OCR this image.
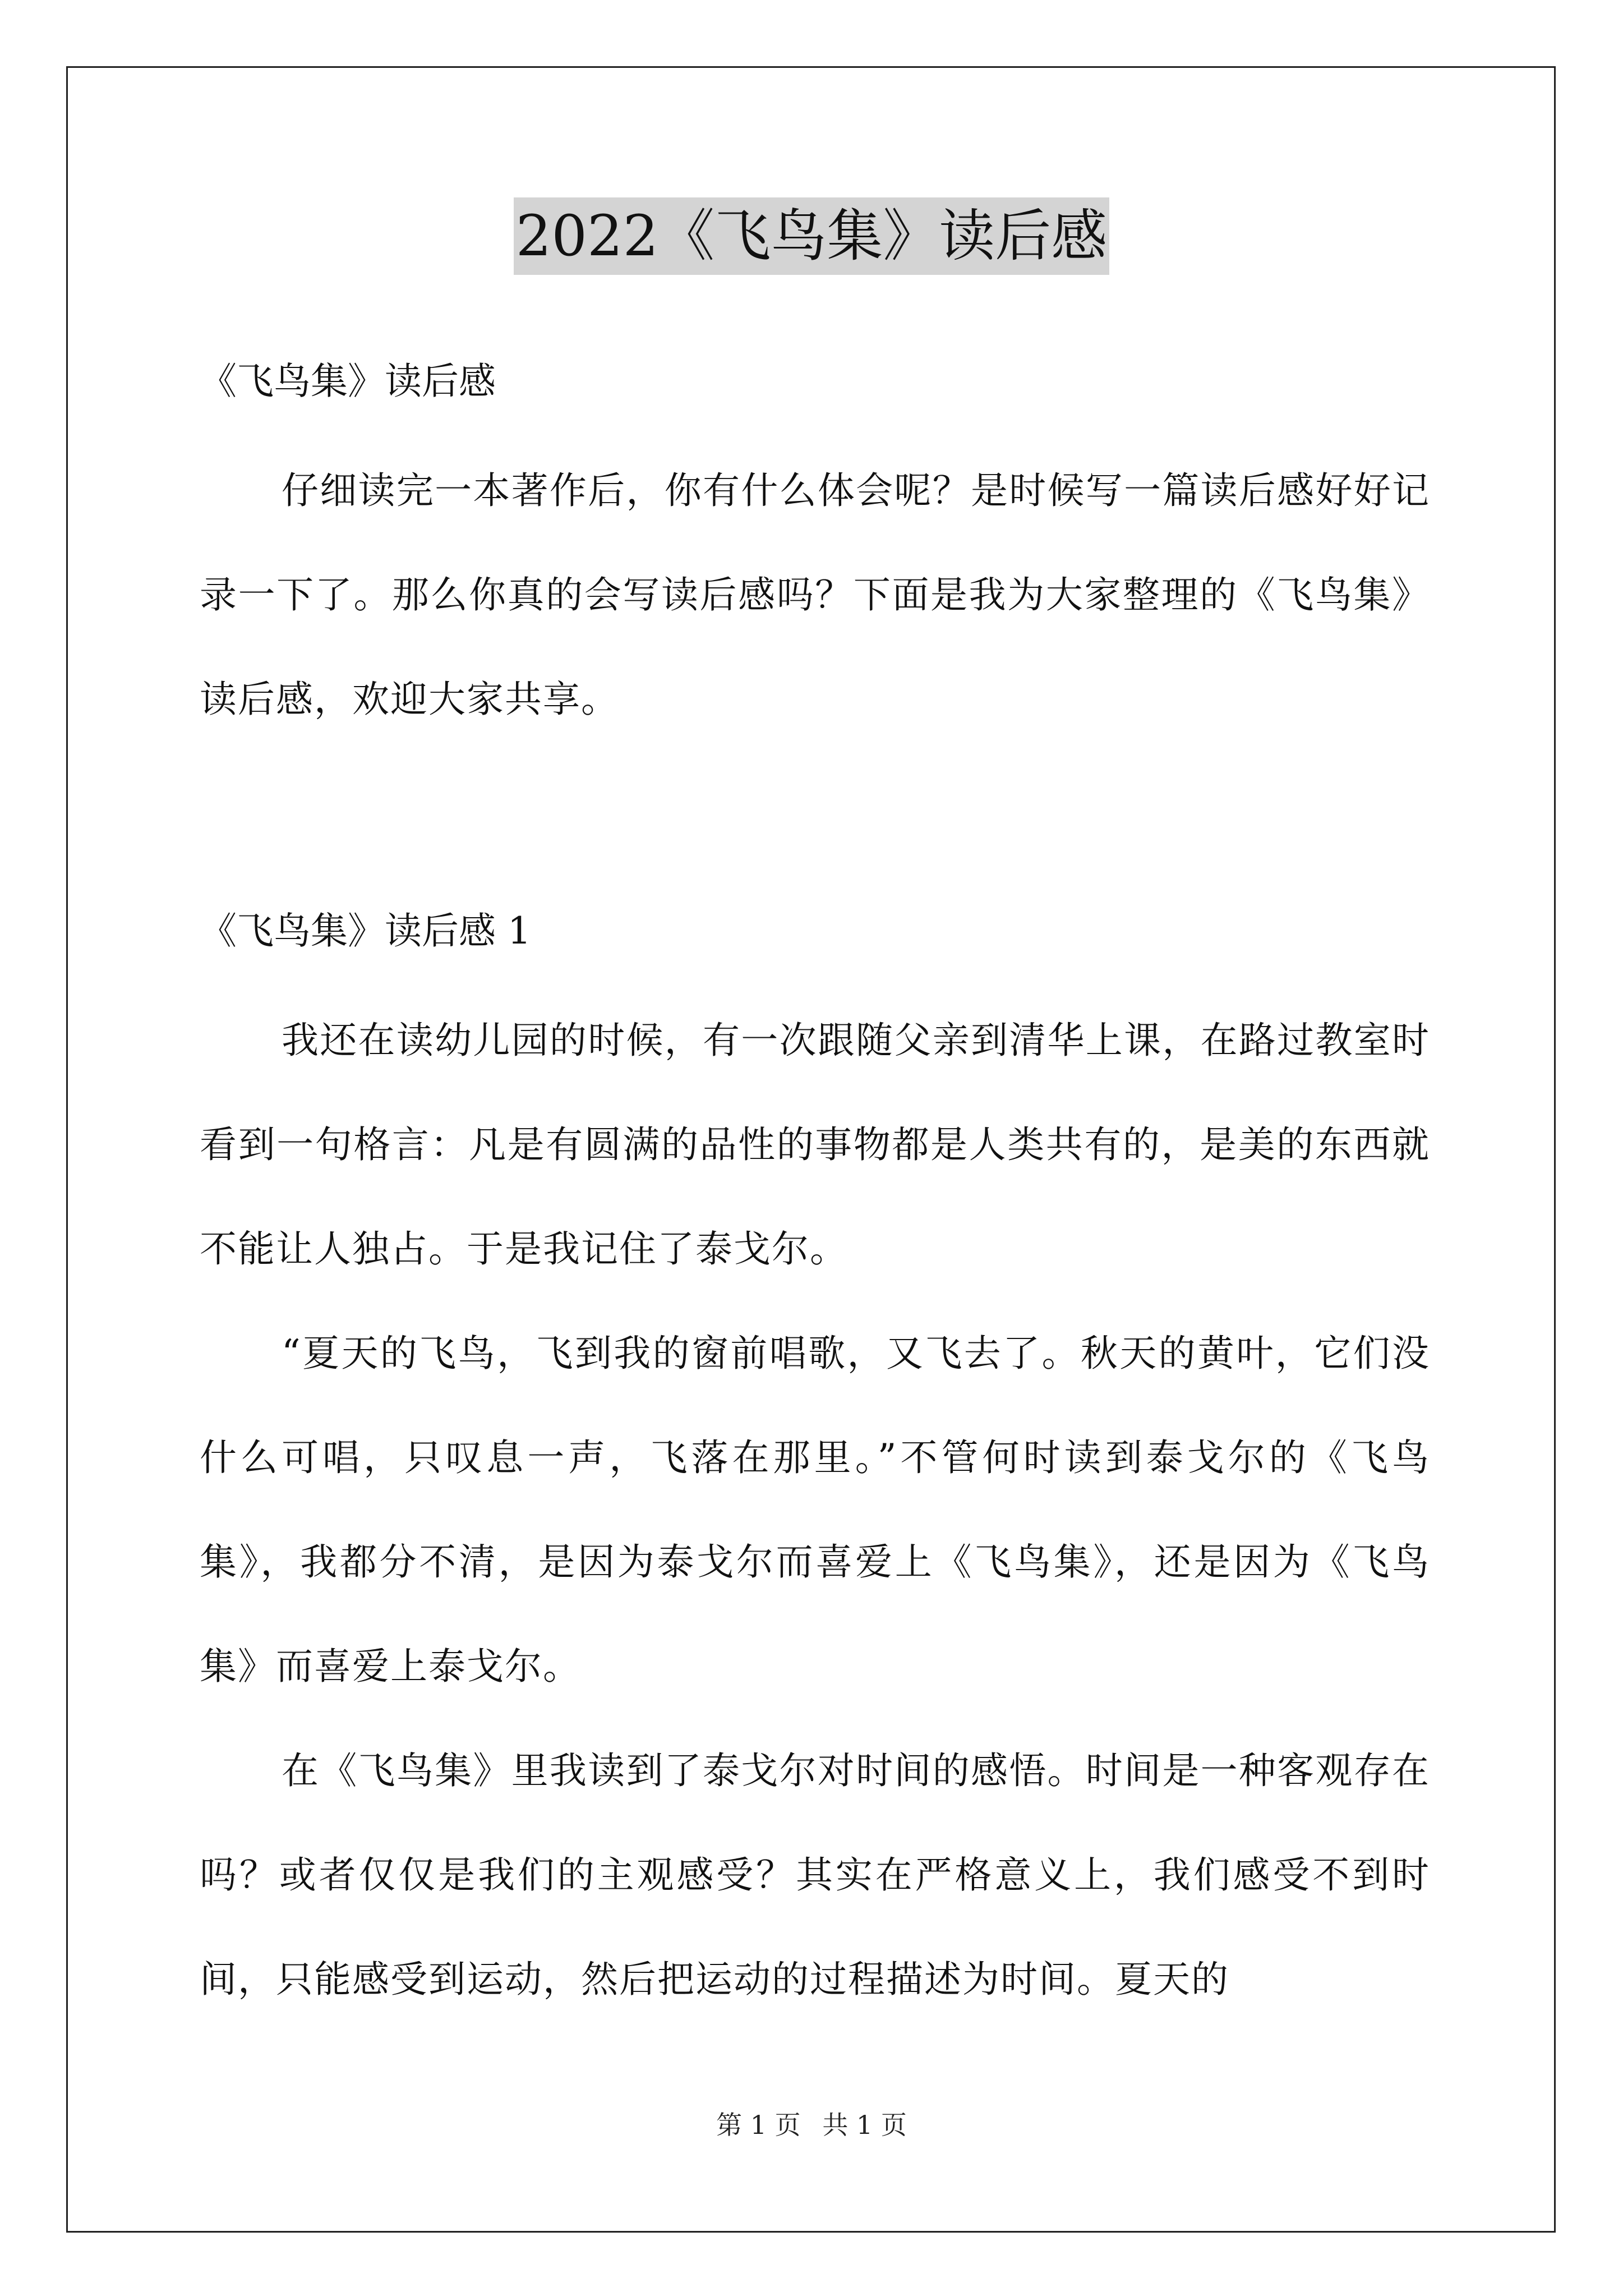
2022《飞鸟集》读后感

《飞鸟集》读后感

仔细读完一本著作后，你有什么体会呢？是时候写一篇读后感好好记录一下了。那么你真的会写读后感吗？下面是我为大家整理的《飞鸟集》读后感，欢迎大家共享。

《飞鸟集》读后感 1

我还在读幼儿园的时候，有一次跟随父亲到清华上课，在路过教室时看到一句格言：凡是有圆满的品性的事物都是人类共有的，是美的东西就不能让人独占。于是我记住了泰戈尔。

“夏天的飞鸟，飞到我的窗前唱歌，又飞去了。秋天的黄叶，它们没什么可唱，只叹息一声，飞落在那里。”不管何时读到泰戈尔的《飞鸟集》，我都分不清，是因为泰戈尔而喜爱上《飞鸟集》，还是因为《飞鸟集》而喜爱上泰戈尔。

在《飞鸟集》里我读到了泰戈尔对时间的感悟。时间是一种客观存在吗？或者仅仅是我们的主观感受？其实在严格意义上，我们感受不到时间，只能感受到运动，然后把运动的过程描述为时间。夏天的

第 1 页 共 1 页
